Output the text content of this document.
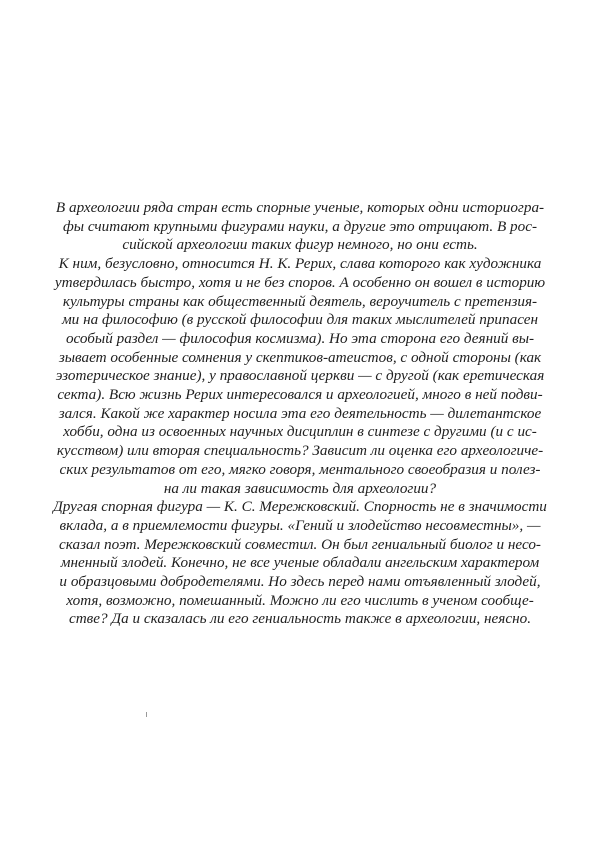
В археологии ряда стран есть спорные ученые, которых одни историогра-
фы считают крупными фигурами науки, а другие это отрицают. В рос-
сийской археологии таких фигур немного, но они есть.
К ним, безусловно, относится Н. К. Рерих, слава которого как художника
утвердилась быстро, хотя и не без споров. А особенно он вошел в историю
культуры страны как общественный деятель, вероучитель с претензия-
ми на философию (в русской философии для таких мыслителей припасен
особый раздел — философия космизма). Но эта сторона его деяний вы-
зывает особенные сомнения у скептиков-атеистов, с одной стороны (как
эзотерическое знание), у православной церкви — с другой (как еретическая
секта). Всю жизнь Рерих интересовался и археологией, много в ней подви-
зался. Какой же характер носила эта его деятельность — дилетантское
хобби, одна из освоенных научных дисциплин в синтезе с другими (и с ис-
кусством) или вторая специальность? Зависит ли оценка его археологиче-
ских результатов от его, мягко говоря, ментального своеобразия и полез-
на ли такая зависимость для археологии?
Другая спорная фигура — К. С. Мережковский. Спорность не в значимости
вклада, а в приемлемости фигуры. «Гений и злодейство несовместны», —
сказал поэт. Мережковский совместил. Он был гениальный биолог и несо-
мненный злодей. Конечно, не все ученые обладали ангельским характером
и образцовыми добродетелями. Но здесь перед нами отъявленный злодей,
хотя, возможно, помешанный. Можно ли его числить в ученом сообще-
стве? Да и сказалась ли его гениальность также в археологии, неясно.
